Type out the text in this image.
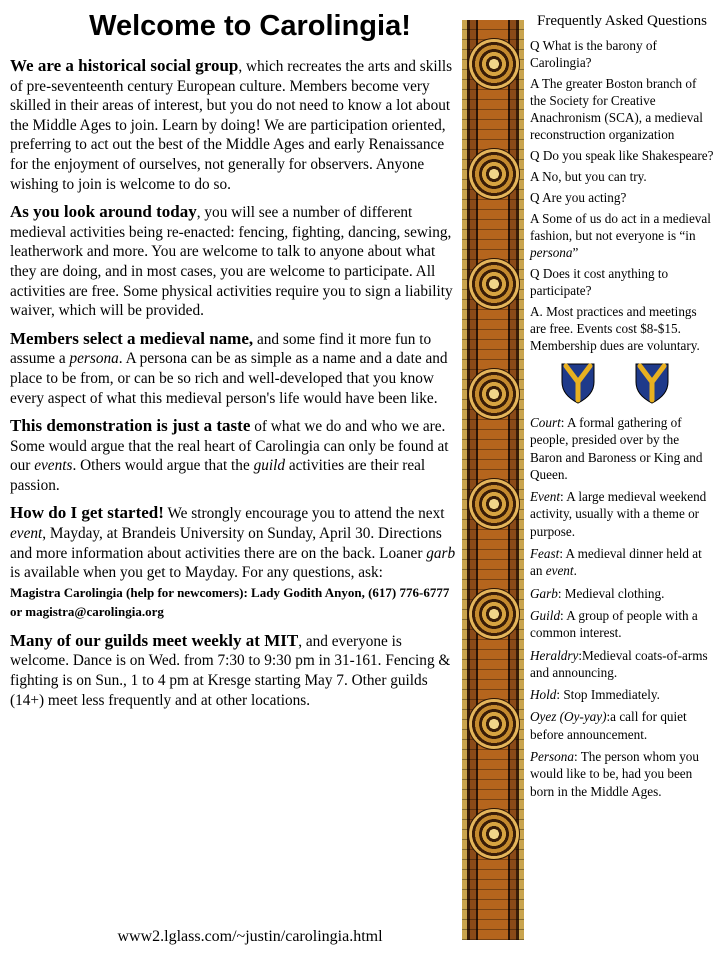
Welcome to Carolingia!

We are a historical social group, which recreates the arts and skills of pre-seventeenth century European culture. Members become very skilled in their areas of interest, but you do not need to know a lot about the Middle Ages to join. Learn by doing! We are participation oriented, preferring to act out the best of the Middle Ages and early Renaissance for the enjoyment of ourselves, not generally for observers. Anyone wishing to join is welcome to do so.

As you look around today, you will see a number of different medieval activities being re-enacted: fencing, fighting, dancing, sewing, leatherwork and more. You are welcome to talk to anyone about what they are doing, and in most cases, you are welcome to participate. All activities are free. Some physical activities require you to sign a liability waiver, which will be provided.

Members select a medieval name, and some find it more fun to assume a persona. A persona can be as simple as a name and a date and place to be from, or can be so rich and well-developed that you know every aspect of what this medieval person's life would have been like.

This demonstration is just a taste of what we do and who we are. Some would argue that the real heart of Carolingia can only be found at our events. Others would argue that the guild activities are their real passion.

How do I get started! We strongly encourage you to attend the next event, Mayday, at Brandeis University on Sunday, April 30. Directions and more information about activities there are on the back. Loaner garb is available when you get to Mayday. For any questions, ask:
Magistra Carolingia (help for newcomers): Lady Godith Anyon, (617) 776-6777 or magistra@carolingia.org

Many of our guilds meet weekly at MIT, and everyone is welcome. Dance is on Wed. from 7:30 to 9:30 pm in 31-161. Fencing & fighting is on Sun., 1 to 4 pm at Kresge starting May 7. Other guilds (14+) meet less frequently and at other locations.

www2.lglass.com/~justin/carolingia.html

Frequently Asked Questions

Q What is the barony of Carolingia?

A The greater Boston branch of the Society for Creative Anachronism (SCA), a medieval reconstruction organization

Q Do you speak like Shakespeare?

A No, but you can try.

Q Are you acting?

A Some of us do act in a medieval fashion, but not everyone is “in persona”

Q Does it cost anything to participate?

A. Most practices and meetings are free. Events cost $8-$15. Membership dues are voluntary.

Court: A formal gathering of people, presided over by the Baron and Baroness or King and Queen.

Event: A large medieval weekend activity, usually with a theme or purpose.

Feast: A medieval dinner held at an event.

Garb: Medieval clothing.

Guild: A group of people with a common interest.

Heraldry:Medieval coats-of-arms and announcing.

Hold: Stop Immediately.

Oyez (Oy-yay):a call for quiet before announcement.

Persona: The person whom you would like to be, had you been born in the Middle Ages.
